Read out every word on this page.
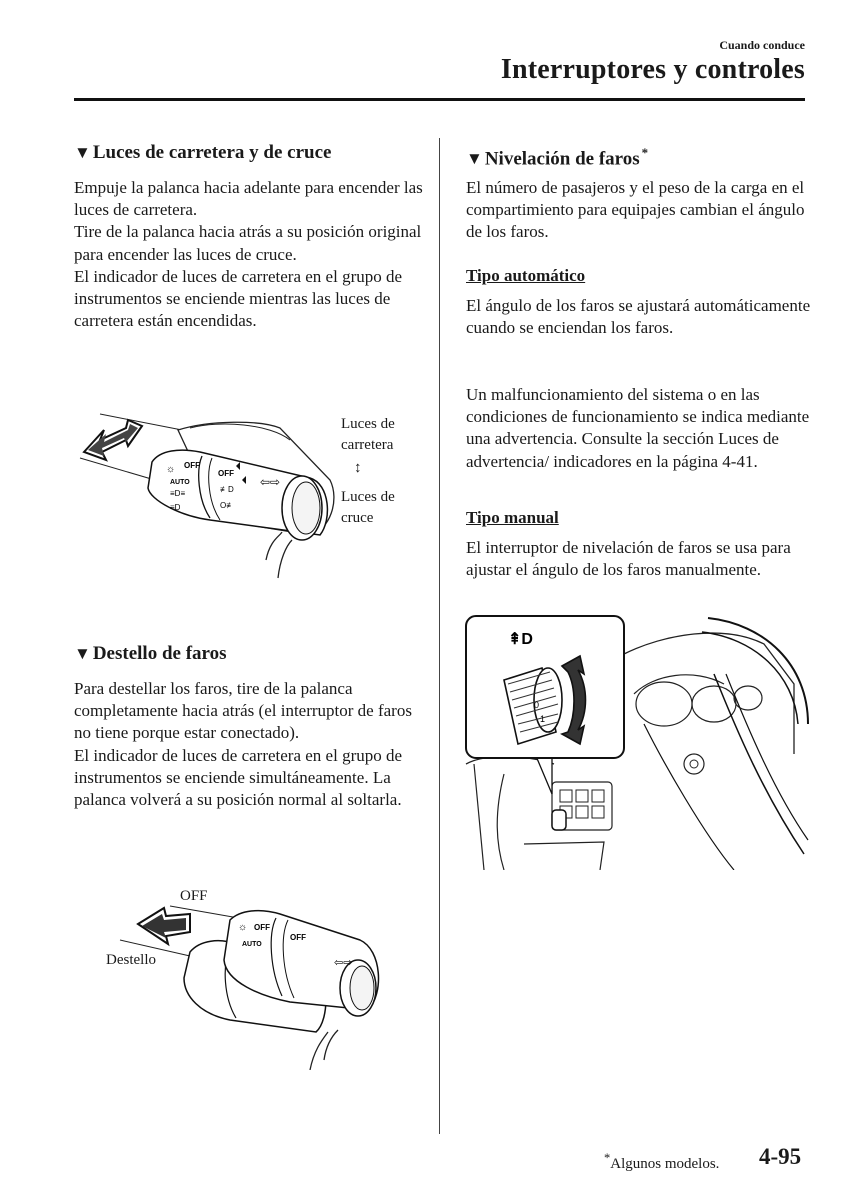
Cuando conduce
Interruptores y controles
▼ Luces de carretera y de cruce

Empuje la palanca hacia adelante para encender las luces de carretera.

Tire de la palanca hacia atrás a su posición original para encender las luces de cruce.

El indicador de luces de carretera en el grupo de instrumentos se enciende mientras las luces de carretera están encendidas.

☼ OFF
AUTO
≡D≡
≡D
OFF
≢D
O≢
⇦⇨
Luces de carretera
↕
Luces de cruce
▼ Destello de faros

Para destellar los faros, tire de la palanca completamente hacia atrás (el interruptor de faros no tiene porque estar conectado).

El indicador de luces de carretera en el grupo de instrumentos se enciende simultáneamente. La palanca volverá a su posición normal al soltarla.

OFF
Destello
☼ OFF
AUTO
OFF
⇦⇨
▼ Nivelación de faros *
El número de pasajeros y el peso de la carga en el compartimiento para equipajes cambian el ángulo de los faros.
Tipo automático
El ángulo de los faros se ajustará automáticamente cuando se enciendan los faros.
Un malfuncionamiento del sistema o en las condiciones de funcionamiento se indica mediante una advertencia. Consulte la sección Luces de advertencia/ indicadores en la página 4-41.
Tipo manual
El interruptor de nivelación de faros se usa para ajustar el ángulo de los faros manualmente.
⇞D
0
1
*Algunos modelos. 4-95
